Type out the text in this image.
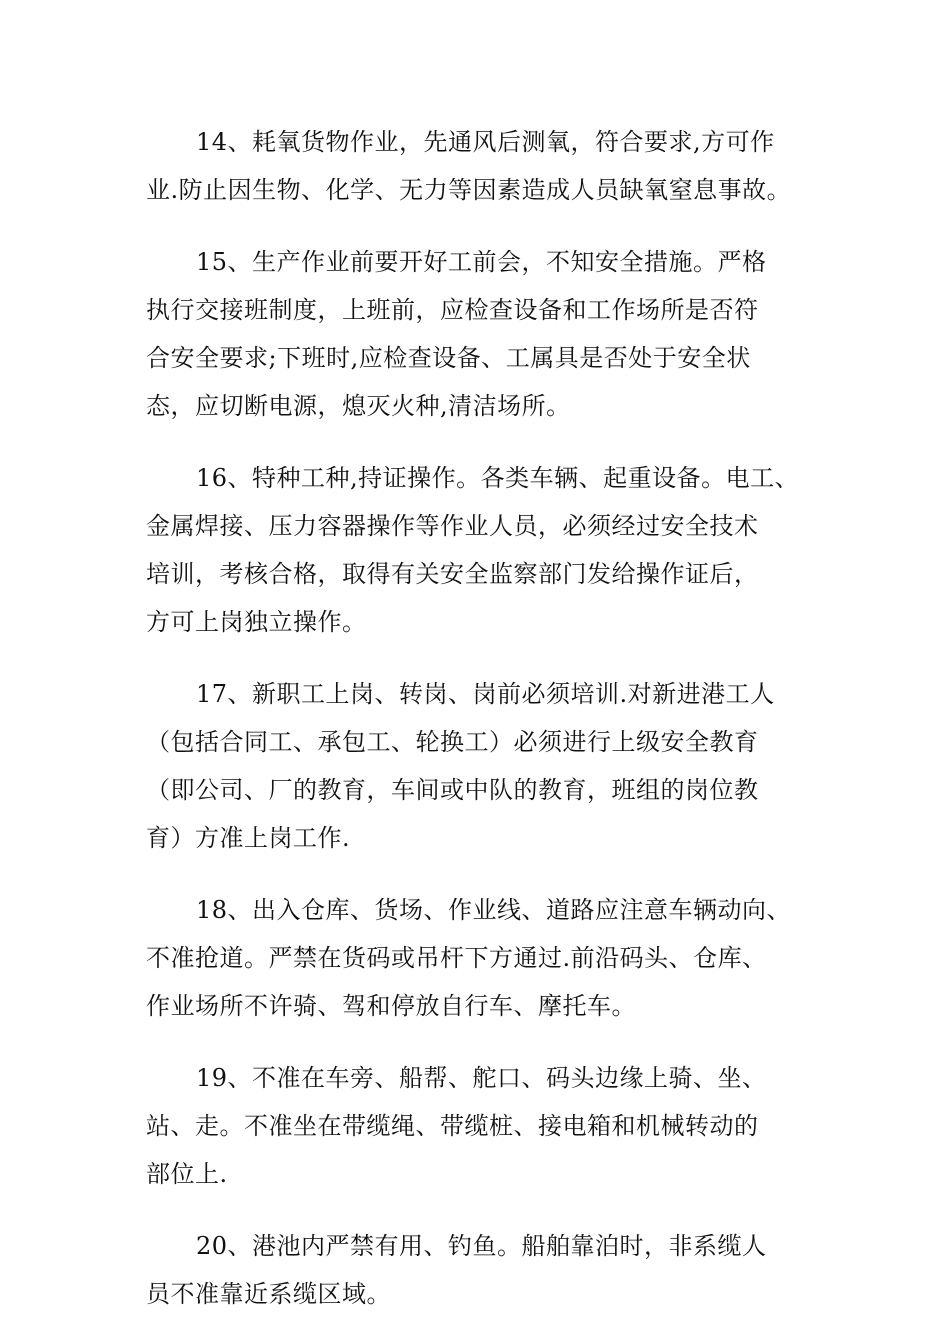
14、耗氧货物作业，先通风后测氧，符合要求,方可作
业.防止因生物、化学、无力等因素造成人员缺氧窒息事故。
15、生产作业前要开好工前会，不知安全措施。严格
执行交接班制度，上班前，应检查设备和工作场所是否符
合安全要求;下班时,应检查设备、工属具是否处于安全状
态，应切断电源，熄灭火种,清洁场所。
16、特种工种,持证操作。各类车辆、起重设备。电工、
金属焊接、压力容器操作等作业人员，必须经过安全技术
培训，考核合格，取得有关安全监察部门发给操作证后，
方可上岗独立操作。
17、新职工上岗、转岗、岗前必须培训.对新进港工人
（包括合同工、承包工、轮换工）必须进行上级安全教育
（即公司、厂的教育，车间或中队的教育，班组的岗位教
育）方准上岗工作.
18、出入仓库、货场、作业线、道路应注意车辆动向、
不准抢道。严禁在货码或吊杆下方通过.前沿码头、仓库、
作业场所不许骑、驾和停放自行车、摩托车。
19、不准在车旁、船帮、舵口、码头边缘上骑、坐、
站、走。不准坐在带缆绳、带缆桩、接电箱和机械转动的
部位上.
20、港池内严禁有用、钓鱼。船舶靠泊时，非系缆人
员不准靠近系缆区域。
